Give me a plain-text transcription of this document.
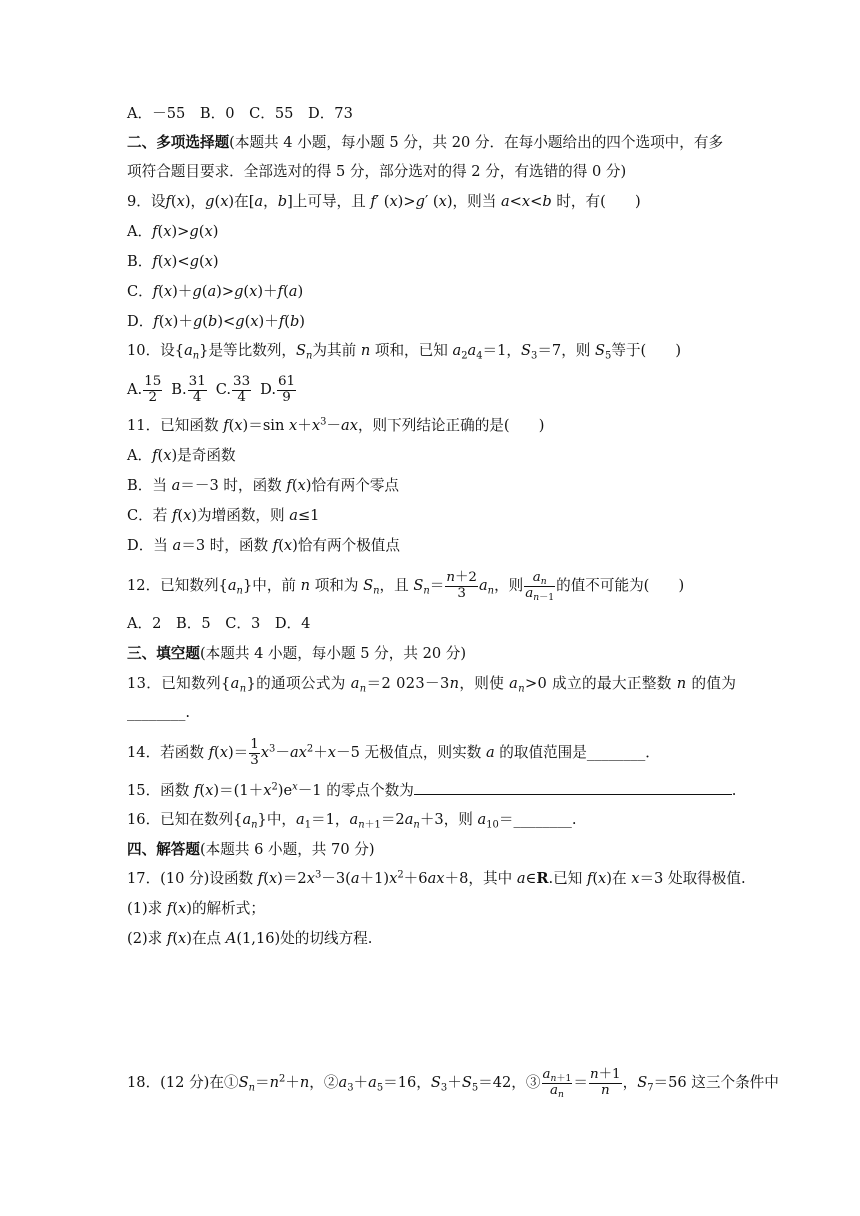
A．－55　B．0　C．55　D．73
二、多项选择题(本题共 4 小题，每小题 5 分，共 20 分．在每小题给出的四个选项中，有多
项符合题目要求．全部选对的得 5 分，部分选对的得 2 分，有选错的得 0 分)
9．设f(x)，g(x)在[a，b]上可导，且 f′ (x)>g′ (x)，则当 a<x<b 时，有(　　)
A．f(x)>g(x)
B．f(x)<g(x)
C．f(x)＋g(a)>g(x)＋f(a)
D．f(x)＋g(b)<g(x)＋f(b)
10．设$\{a_n\}$是等比数列，$S_n$为其前 n 项和，已知 $a_2a_4=1$，$S_3=7$，则 $S_5$等于(　　)
A. $\frac{15}{2} B$. $\frac{31}{4} C$. $\frac{33}{4} D$. $\frac{61}{9}$
11．已知函数 f(x)＝sin $x+x^3-ax$，则下列结论正确的是(　　)
A．f(x)是奇函数
B．当 a＝－3 时，函数 f(x)恰有两个零点
C．若 f(x)为增函数，则 a≤1
D．当 a＝3 时，函数 f(x)恰有两个极值点
12．已知数列$\{a_n\}$中，前 n 项和为 $S_n$，且 $S_n= \frac{n+2}{3} a_n$，则 $\frac{a_n}{a_{n-1}}$ 的值不可能为(　　)
A．2　B．5　C．3　D．4
三、填空题(本题共 4 小题，每小题 5 分，共 20 分)
13．已知数列$\{a_n\}$的通项公式为 $a_n=2$ 023－3n，则使 $a_n>0$ 成立的最大正整数 n 的值为
________.
14．若函数 $f(x)= \frac{1}{3} x^3-ax^2+x-5$ 无极值点，则实数 a 的取值范围是________．
15．函数 $f(x)=(1+x^2)e^x-1$ 的零点个数为	.
16．已知在数列$\{a_n\}$中，$a_1=1$，$a_{n+1}=2a_n+3$，则 $a_{10}=\_\_\_\_\_\_\_\_$.
四、解答题(本题共 6 小题，共 70 分)
17．(10 分)设函数 $f(x)=2x^3-3(a+1)x^2+6ax+8$，其中 a∈R.已知 f(x)在 x＝3 处取得极值.
(1)求 f(x)的解析式；
(2)求 f(x)在点 A(1,16)处的切线方程.
18．(12 分)在$①S_n=n^2+n$，$②a_3+a_5=16$，$S_3+S_5=42$，③ $\frac{a_{n+1}}{a_n} = \frac{n+1}{n}$ ，$S_7=56$ 这三个条件中
